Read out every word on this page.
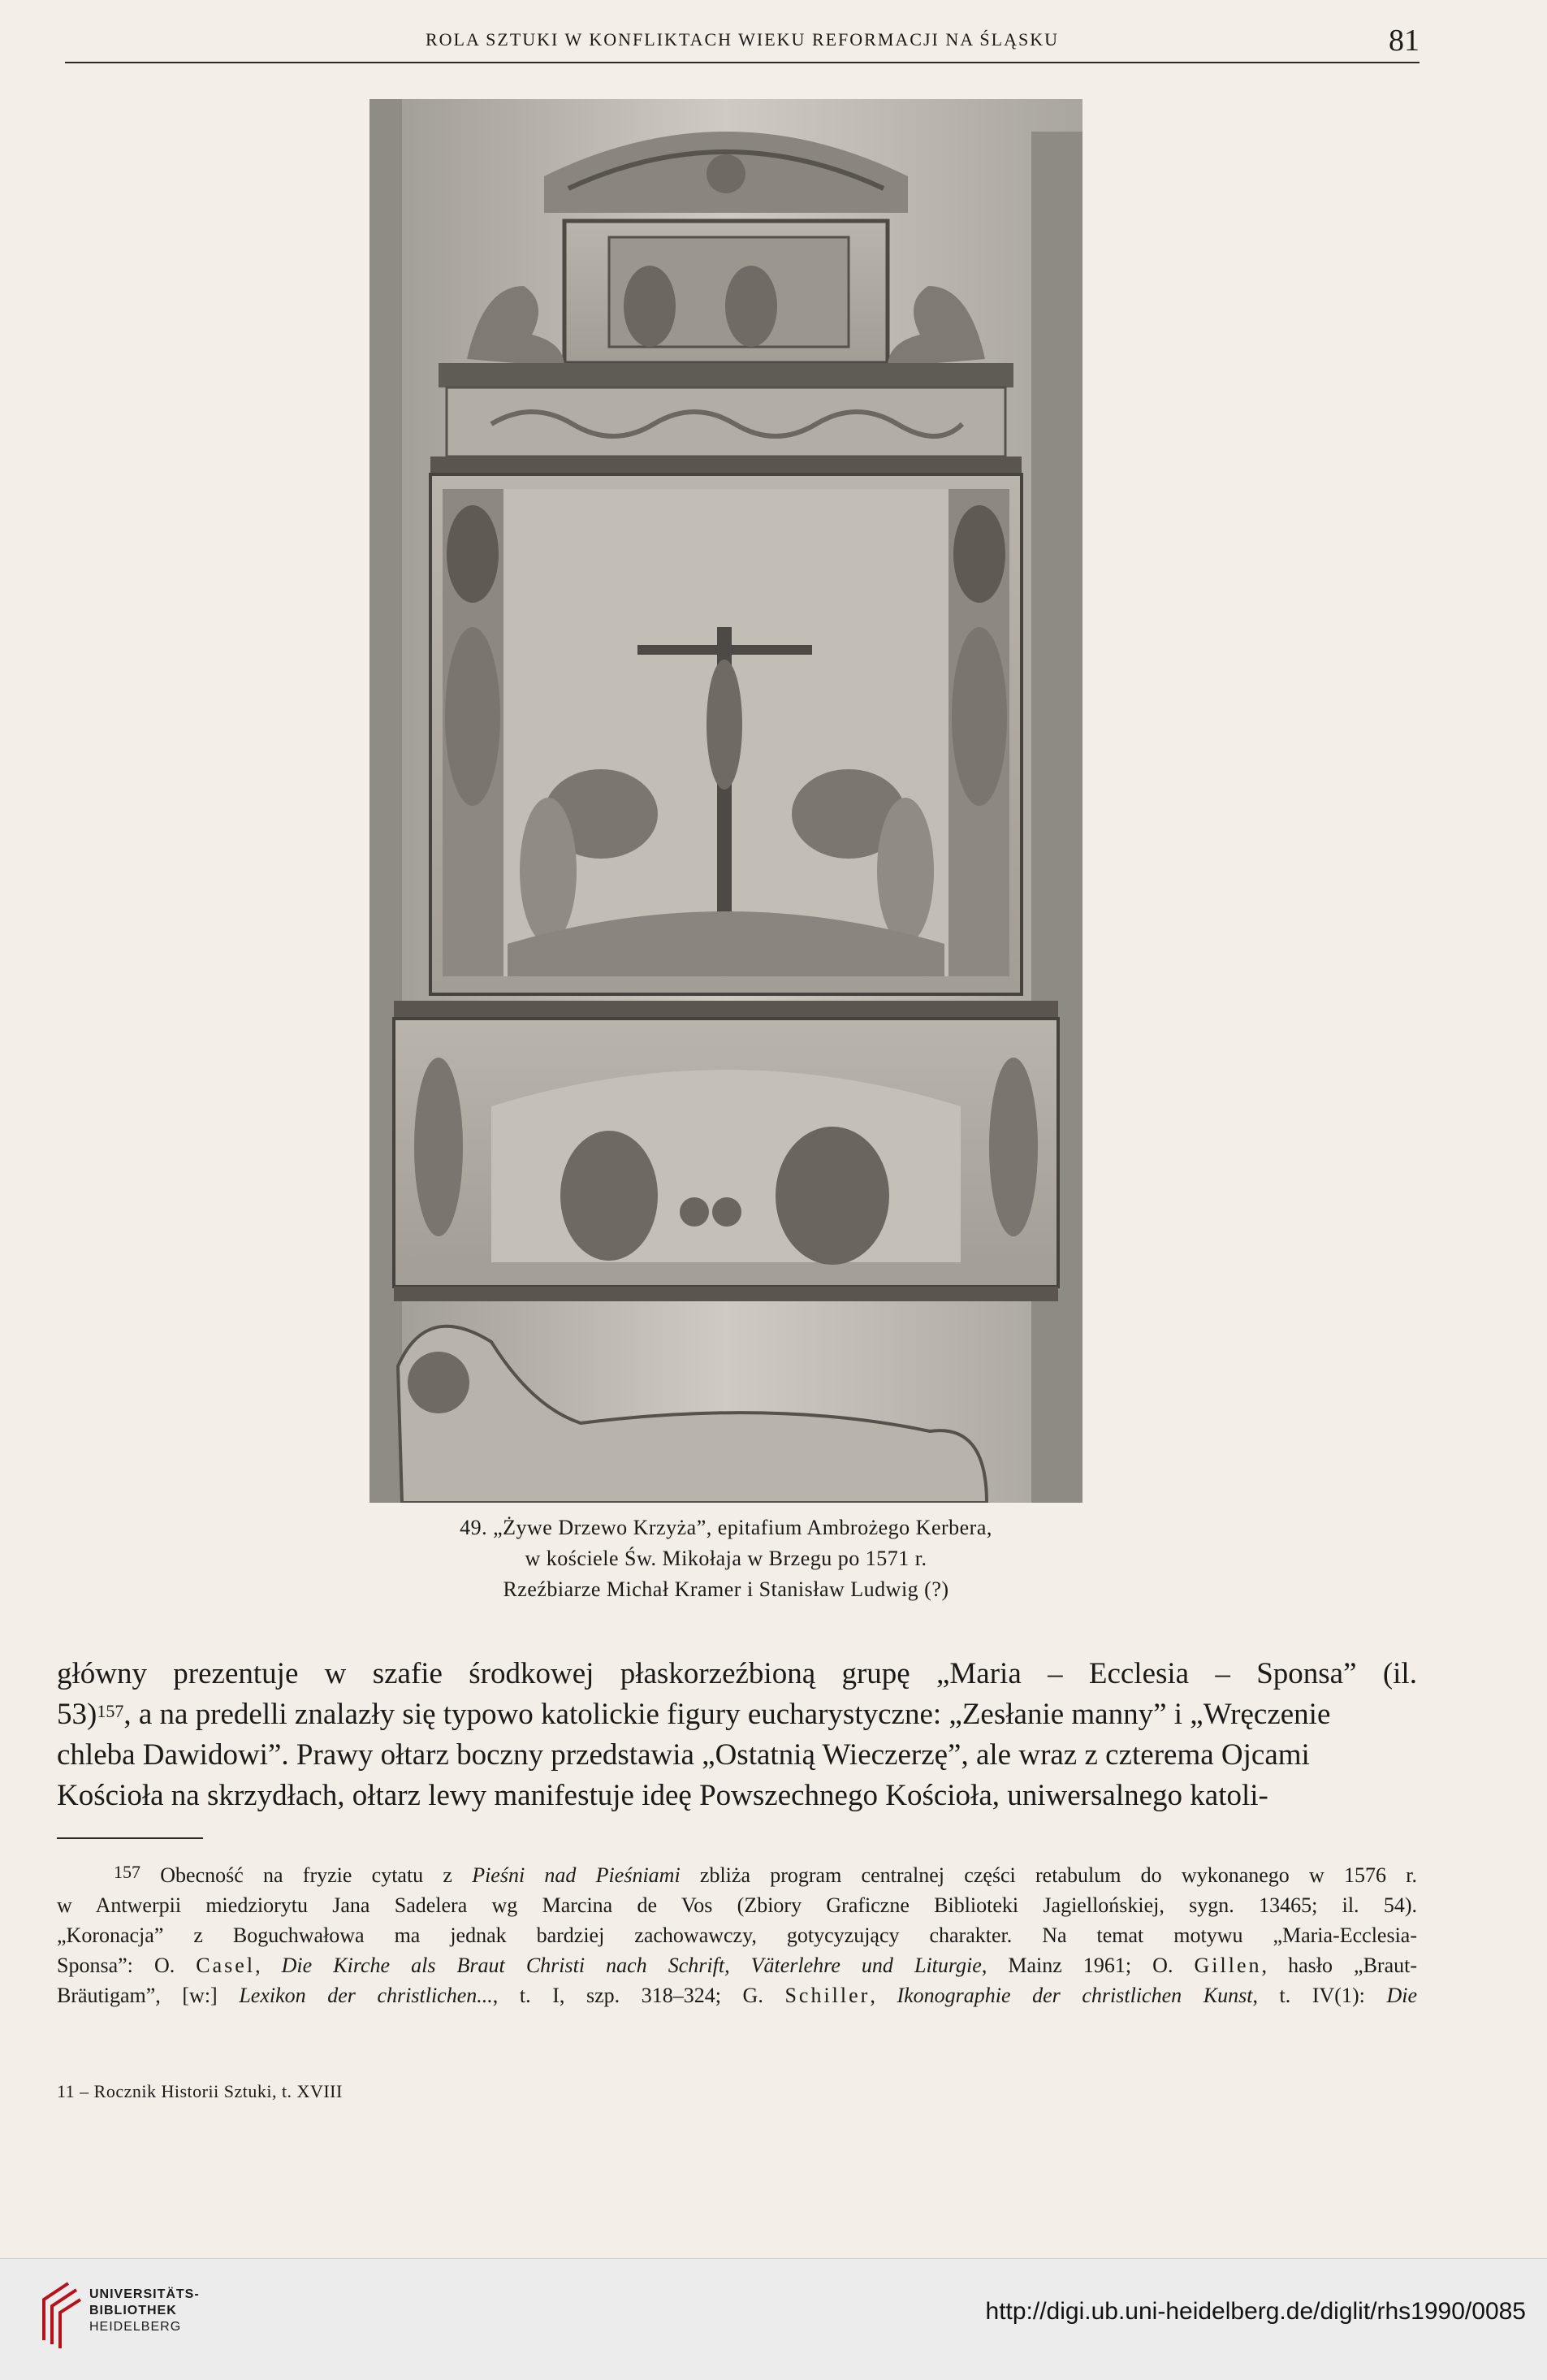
ROLA SZTUKI W KONFLIKTACH WIEKU REFORMACJI NA ŚLĄSKU	81
49. „Żywe Drzewo Krzyża”, epitafium Ambrożego Kerbera,
w kościele Św. Mikołaja w Brzegu po 1571 r.
Rzeźbiarze Michał Kramer i Stanisław Ludwig (?)
główny prezentuje w szafie środkowej płaskorzeźbioną grupę „Maria – Ecclesia – Sponsa” (il.
53)$^{157}$, a na predelli znalazły się typowo katolickie figury eucharystyczne: „Zesłanie manny” i „Wręczenie
chleba Dawidowi”. Prawy ołtarz boczny przedstawia „Ostatnią Wieczerzę”, ale wraz z czterema Ojcami
Kościoła na skrzydłach, ołtarz lewy manifestuje ideę Powszechnego Kościoła, uniwersalnego katoli-
$^{157}$ Obecność na fryzie cytatu z Pieśni nad Pieśniami zbliża program centralnej części retabulum do wykonanego w 1576 r.
w Antwerpii miedziorytu Jana Sadelera wg Marcina de Vos (Zbiory Graficzne Biblioteki Jagiellońskiej, sygn. 13465; il. 54).
„Koronacja” z Boguchwałowa ma jednak bardziej zachowawczy, gotycyzujący charakter. Na temat motywu „Maria-Ecclesia-
Sponsa”: O. Casel, Die Kirche als Braut Christi nach Schrift, Väterlehre und Liturgie, Mainz 1961; O. Gillen, hasło „Braut-
Bräutigam”, [w:] Lexikon der christlichen..., t. I, szp. 318–324; G. Schiller, Ikonographie der christlichen Kunst, t. IV(1): Die
11 – Rocznik Historii Sztuki, t. XVIII
UNIVERSITÄTS-
BIBLIOTHEK
HEIDELBERG
http://digi.ub.uni-heidelberg.de/diglit/rhs1990/0085
